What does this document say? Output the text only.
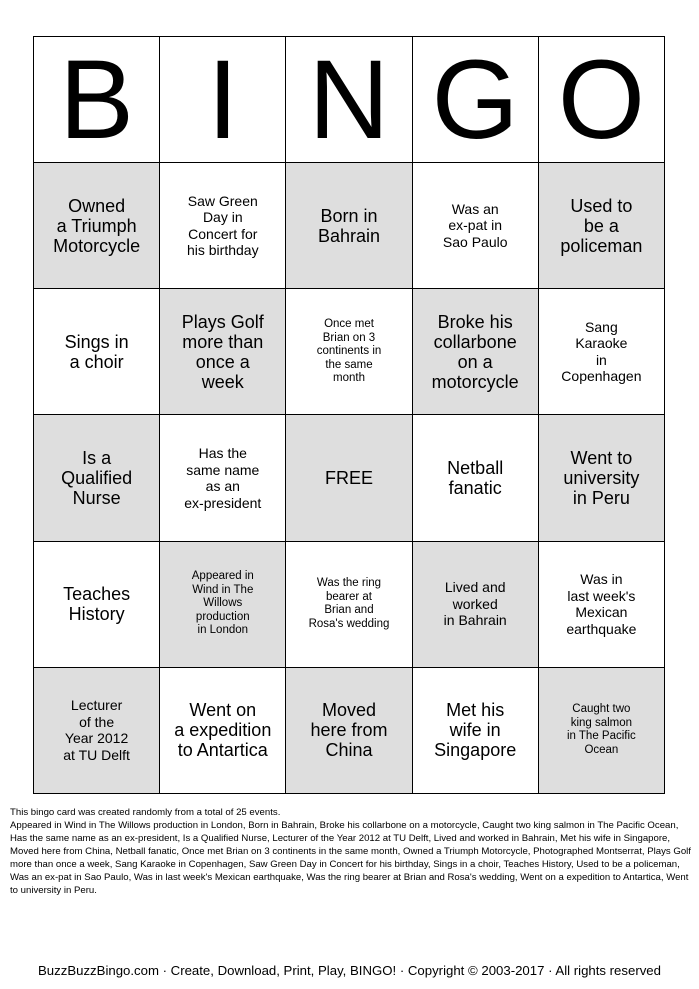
B I N G O
Owned
a Triumph
Motorcycle
Saw Green
Day in
Concert for
his birthday
Born in
Bahrain
Was an
ex-pat in
Sao Paulo
Used to
be a
policeman
Sings in
a choir
Plays Golf
more than
once a
week
Once met
Brian on 3
continents in
the same
month
Broke his
collarbone
on a
motorcycle
Sang
Karaoke
in
Copenhagen
Is a
Qualified
Nurse
Has the
same name
as an
ex-president
FREE	Netball
fanatic
Went to
university
in Peru
Teaches
History
Appeared in
Wind in The
Willows
production
in London
Was the ring
bearer at
Brian and
Rosa's wedding
Lived and
worked
in Bahrain
Was in
last week's
Mexican
earthquake
Lecturer
of the
Year 2012
at TU Delft
Went on
a expedition
to Antartica
Moved
here from
China
Met his
wife in
Singapore
Caught two
king salmon
in The Pacific
Ocean

This bingo card was created randomly from a total of 25 events.

Appeared in Wind in The Willows production in London, Born in Bahrain, Broke his collarbone on a motorcycle, Caught two king salmon in The Pacific Ocean, Has the same name as an ex-president, Is a Qualified Nurse, Lecturer of the Year 2012 at TU Delft, Lived and worked in Bahrain, Met his wife in Singapore, Moved here from China, Netball fanatic, Once met Brian on 3 continents in the same month, Owned a Triumph Motorcycle, Photographed Montserrat, Plays Golf more than once a week, Sang Karaoke in Copenhagen, Saw Green Day in Concert for his birthday, Sings in a choir, Teaches History, Used to be a policeman, Was an ex-pat in Sao Paulo, Was in last week's Mexican earthquake, Was the ring bearer at Brian and Rosa's wedding, Went on a expedition to Antartica, Went to university in Peru.

BuzzBuzzBingo.com · Create, Download, Print, Play, BINGO! · Copyright © 2003-2017 · All rights reserved
